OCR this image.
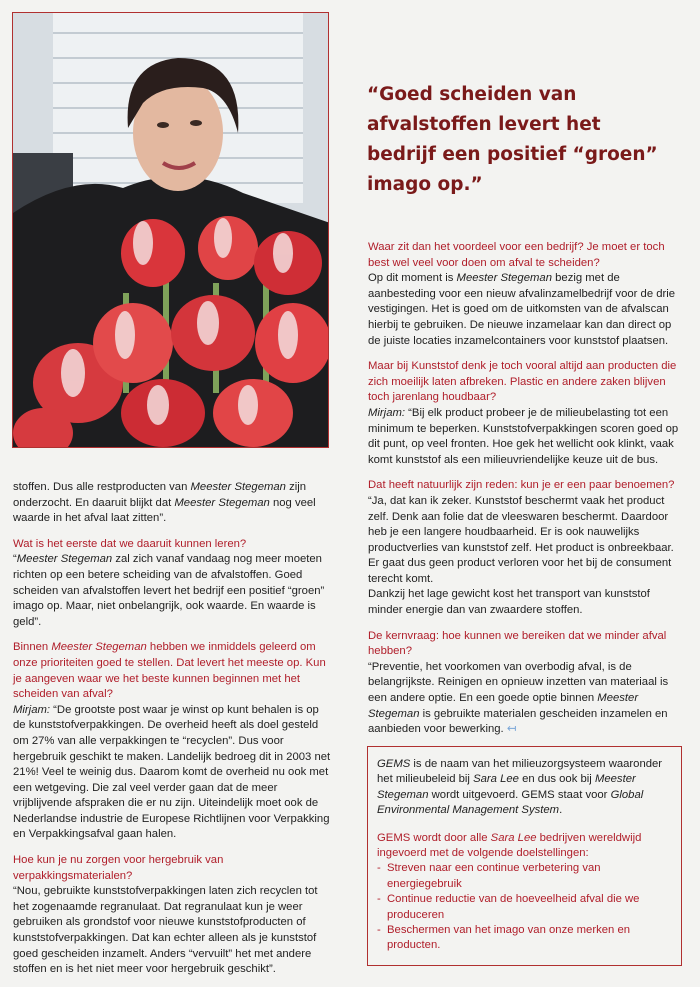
“Goed scheiden van afvalstoffen levert het bedrijf een positief “groen” imago op.”

stoffen. Dus alle restproducten van Meester Stegeman zijn onderzocht. En daaruit blijkt dat Meester Stegeman nog veel waarde in het afval laat zitten”.

Wat is het eerste dat we daaruit kunnen leren?

“Meester Stegeman zal zich vanaf vandaag nog meer moeten richten op een betere scheiding van de afvalstoffen. Goed scheiden van afvalstoffen levert het bedrijf een positief “groen” imago op. Maar, niet onbelangrijk, ook waarde. En waarde is geld”.

Binnen Meester Stegeman hebben we inmiddels geleerd om onze prioriteiten goed te stellen. Dat levert het meeste op. Kun je aangeven waar we het beste kunnen beginnen met het scheiden van afval?

Mirjam: “De grootste post waar je winst op kunt behalen is op de kunststofverpakkingen. De overheid heeft als doel gesteld om 27% van alle verpakkingen te “recyclen”. Dus voor hergebruik geschikt te maken. Landelijk bedroeg dit in 2003 net 21%! Veel te weinig dus. Daarom komt de overheid nu ook met een wetgeving. Die zal veel verder gaan dat de meer vrijblijvende afspraken die er nu zijn. Uiteindelijk moet ook de Nederlandse industrie de Europese Richtlijnen voor Verpakking en Verpakkingsafval gaan halen.

Hoe kun je nu zorgen voor hergebruik van verpakkingsmaterialen?

“Nou, gebruikte kunststofverpakkingen laten zich recyclen tot het zogenaamde regranulaat. Dat regranulaat kun je weer gebruiken als grondstof voor nieuwe kunststofproducten of kunststofverpakkingen. Dat kan echter alleen als je kunststof goed gescheiden inzamelt. Anders “vervuilt” het met andere stoffen en is het niet meer voor hergebruik geschikt”.

Waar zit dan het voordeel voor een bedrijf? Je moet er toch best wel veel voor doen om afval te scheiden?

Op dit moment is Meester Stegeman bezig met de aanbesteding voor een nieuw afvalinzamelbedrijf voor de drie vestigingen. Het is goed om de uitkomsten van de afvalscan hierbij te gebruiken. De nieuwe inzamelaar kan dan direct op de juiste locaties inzamelcontainers voor kunststof plaatsen.

Maar bij Kunststof denk je toch vooral altijd aan producten die zich moeilijk laten afbreken. Plastic en andere zaken blijven toch jarenlang houdbaar?

Mirjam: “Bij elk product probeer je de milieubelasting tot een minimum te beperken. Kunststofverpakkingen scoren goed op dit punt, op veel fronten. Hoe gek het wellicht ook klinkt, vaak komt kunststof als een milieuvriendelijke keuze uit de bus.

Dat heeft natuurlijk zijn reden: kun je er een paar benoemen?

“Ja, dat kan ik zeker. Kunststof beschermt vaak het product zelf. Denk aan folie dat de vleeswaren beschermt. Daardoor heb je een langere houdbaarheid. Er is ook nauwelijks productverlies van kunststof zelf. Het product is onbreekbaar. Er gaat dus geen product verloren voor het bij de consument terecht komt.

Dankzij het lage gewicht kost het transport van kunststof minder energie dan van zwaardere stoffen.

De kernvraag: hoe kunnen we bereiken dat we minder afval hebben?

“Preventie, het voorkomen van overbodig afval, is de belangrijkste. Reinigen en opnieuw inzetten van materiaal is een andere optie. En een goede optie binnen Meester Stegeman is gebruikte materialen gescheiden inzamelen en aanbieden voor bewerking. ↤

GEMS is de naam van het milieuzorgsysteem waaronder het milieubeleid bij Sara Lee en dus ook bij Meester Stegeman wordt uitgevoerd. GEMS staat voor Global Environmental Management System.

GEMS wordt door alle Sara Lee bedrijven wereldwijd ingevoerd met de volgende doelstellingen:

- Streven naar een continue verbetering van energiegebruik
- Continue reductie van de hoeveelheid afval die we produceren
- Beschermen van het imago van onze merken en producten.
